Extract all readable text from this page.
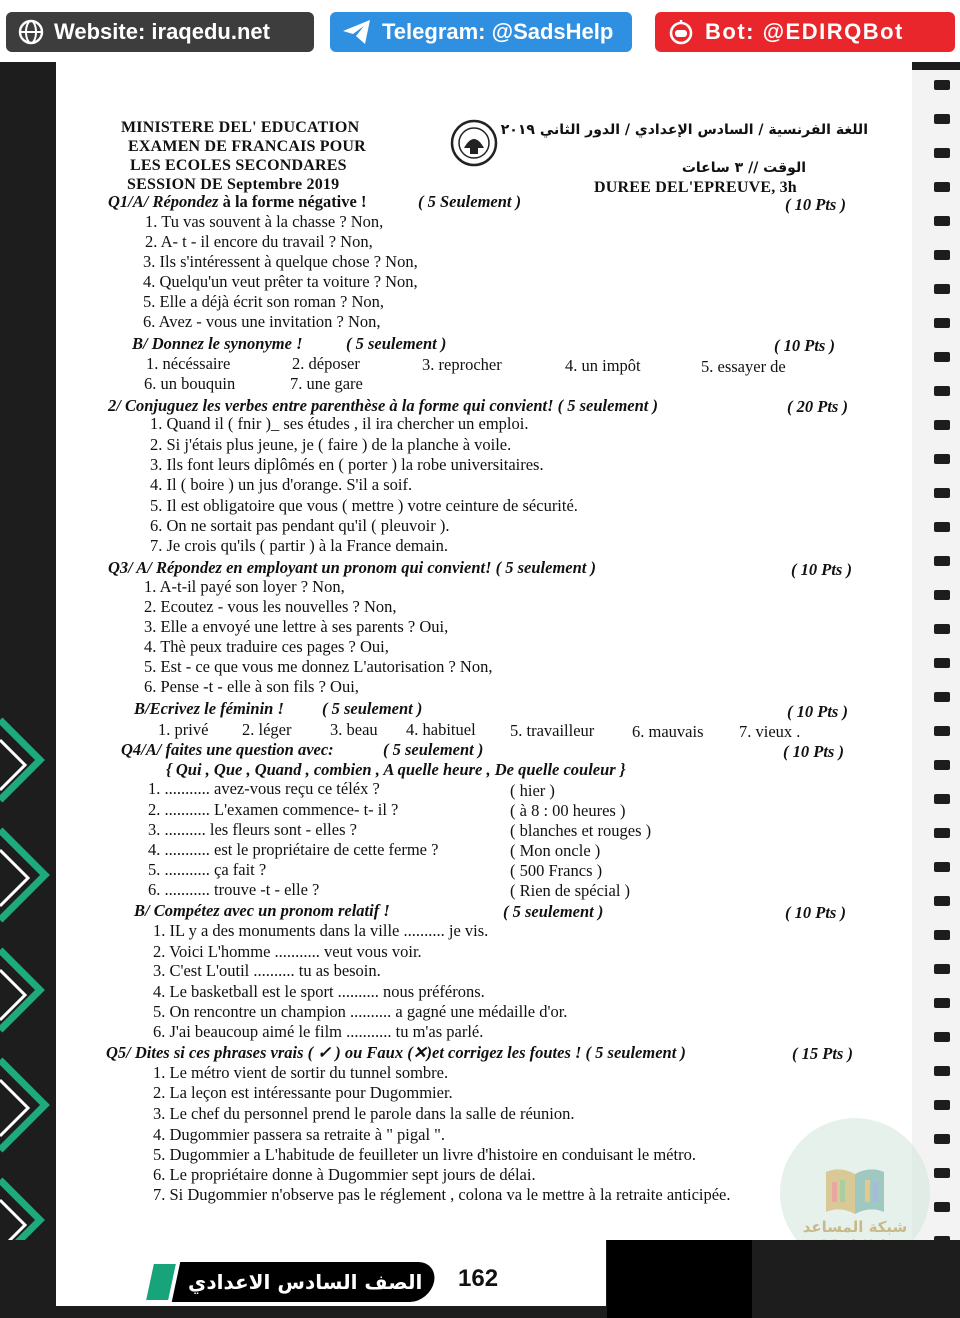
Website: iraqedu.net	Telegram: @SadsHelp	Bot: @EDIRQBot
MINISTERE DEL' EDUCATION
EXAMEN DE FRANCAIS POUR
LES ECOLES SECONDARES
SESSION DE Septembre 2019
اللغة الفرنسية / السادس الإعدادي / الدور الثاني ٢٠١٩
الوقت // ٣ ساعات
DUREE DEL'EPREUVE, 3h
Q1/A/ Répondez à la forme négative !	( 5 Seulement )	( 10 Pts )
1. Tu vas souvent à la chasse ? Non,
2. A- t - il encore du travail ? Non,
3. Ils s'intéressent à quelque chose ? Non,
4. Quelqu'un veut prêter ta voiture ? Non,
5. Elle a déjà écrit son roman ? Non,
6. Avez - vous une invitation ? Non,
B/ Donnez le synonyme !	( 5 seulement )	( 10 Pts )
1. nécéssaire	2. déposer	3. reprocher	4. un impôt	5. essayer de
6. un bouquin	7. une gare
2/ Conjuguez les verbes entre parenthèse à la forme qui convient! ( 5 seulement )	( 20 Pts )
1. Quand il ( fnir )_ ses études , il ira chercher un emploi.
2. Si j'étais plus jeune, je ( faire ) de la planche à voile.
3. Ils font leurs diplômés en ( porter ) la robe universitaires.
4. Il ( boire ) un jus d'orange. S'il a soif.
5. Il est obligatoire que vous ( mettre ) votre ceinture de sécurité.
6. On ne sortait pas pendant qu'il ( pleuvoir ).
7. Je crois qu'ils ( partir ) à la France demain.
Q3/ A/ Répondez en employant un pronom qui convient! ( 5 seulement )	( 10 Pts )
1. A-t-il payé son loyer ? Non,
2. Ecoutez - vous les nouvelles ? Non,
3. Elle a envoyé une lettre à ses parents ? Oui,
4. Thè peux traduire ces pages ? Oui,
5. Est - ce que vous me donnez L'autorisation ? Non,
6. Pense -t - elle à son fils ? Oui,
B/Ecrivez le féminin ! ( 5 seulement )	( 10 Pts )
1. privé 2. léger 3. beau 4. habituel 5. travailleur 6. mauvais 7. vieux .
Q4/A/ faites une question avec:	( 5 seulement )	( 10 Pts )
{ Qui , Que , Quand , combien , A quelle heure , De quelle couleur }
1. ........... avez-vous reçu ce téléx ?	( hier )
2. ........... L'examen commence- t- il ?	( à 8 : 00 heures )
3. .......... les fleurs sont - elles ?	( blanches et rouges )
4. ........... est le propriétaire de cette ferme ?	( Mon oncle )
5. ........... ça fait ?	( 500 Francs )
6. ........... trouve -t - elle ?	( Rien de spécial )
B/ Compétez avec un pronom relatif !	( 5 seulement )	( 10 Pts )
1. IL y a des monuments dans la ville .......... je vis.
2. Voici L'homme ........... veut vous voir.
3. C'est L'outil .......... tu as besoin.
4. Le basketball est le sport .......... nous préférons.
5. On rencontre un champion .......... a gagné une médaille d'or.
6. J'ai beaucoup aimé le film ........... tu m'as parlé.
Q5/ Dites si ces phrases vrais ( ✓ ) ou Faux (✕)et corrigez les foutes ! ( 5 seulement )	( 15 Pts )
1. Le métro vient de sortir du tunnel sombre.
2. La leçon est intéressante pour Dugommier.
3. Le chef du personnel prend le parole dans la salle de réunion.
4. Dugommier passera sa retraite à " pigal ".
5. Dugommier a L'habitude de feuilleter un livre d'histoire en conduisant le métro.
6. Le propriétaire donne à Dugommier sept jours de délai.
7. Si Dugommier n'observe pas le réglement , colona va le mettre à la retraite anticipée.
شبكة المساعد
الصف السادس الاعدادي 162
